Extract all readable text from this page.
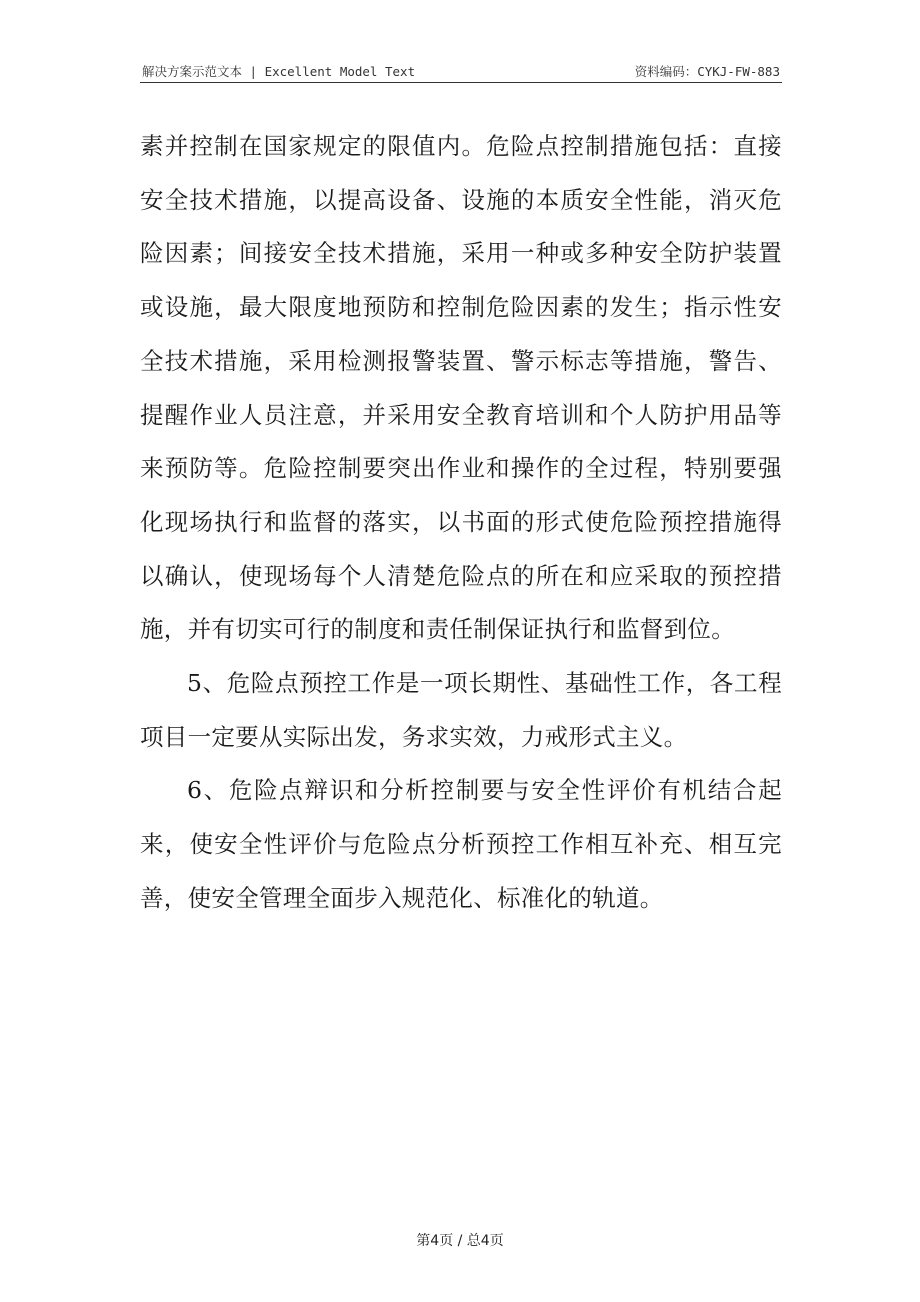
解决方案示范文本 | Excellent Model Text	资料编码：CYKJ-FW-883

素并控制在国家规定的限值内。危险点控制措施包括：直接安全技术措施，以提高设备、设施的本质安全性能，消灭危险因素；间接安全技术措施，采用一种或多种安全防护装置或设施，最大限度地预防和控制危险因素的发生；指示性安全技术措施，采用检测报警装置、警示标志等措施，警告、提醒作业人员注意，并采用安全教育培训和个人防护用品等来预防等。危险控制要突出作业和操作的全过程，特别要强化现场执行和监督的落实，以书面的形式使危险预控措施得以确认，使现场每个人清楚危险点的所在和应采取的预控措施，并有切实可行的制度和责任制保证执行和监督到位。

5、危险点预控工作是一项长期性、基础性工作，各工程项目一定要从实际出发，务求实效，力戒形式主义。

6、危险点辩识和分析控制要与安全性评价有机结合起来，使安全性评价与危险点分析预控工作相互补充、相互完善，使安全管理全面步入规范化、标准化的轨道。

第4页 / 总4页
